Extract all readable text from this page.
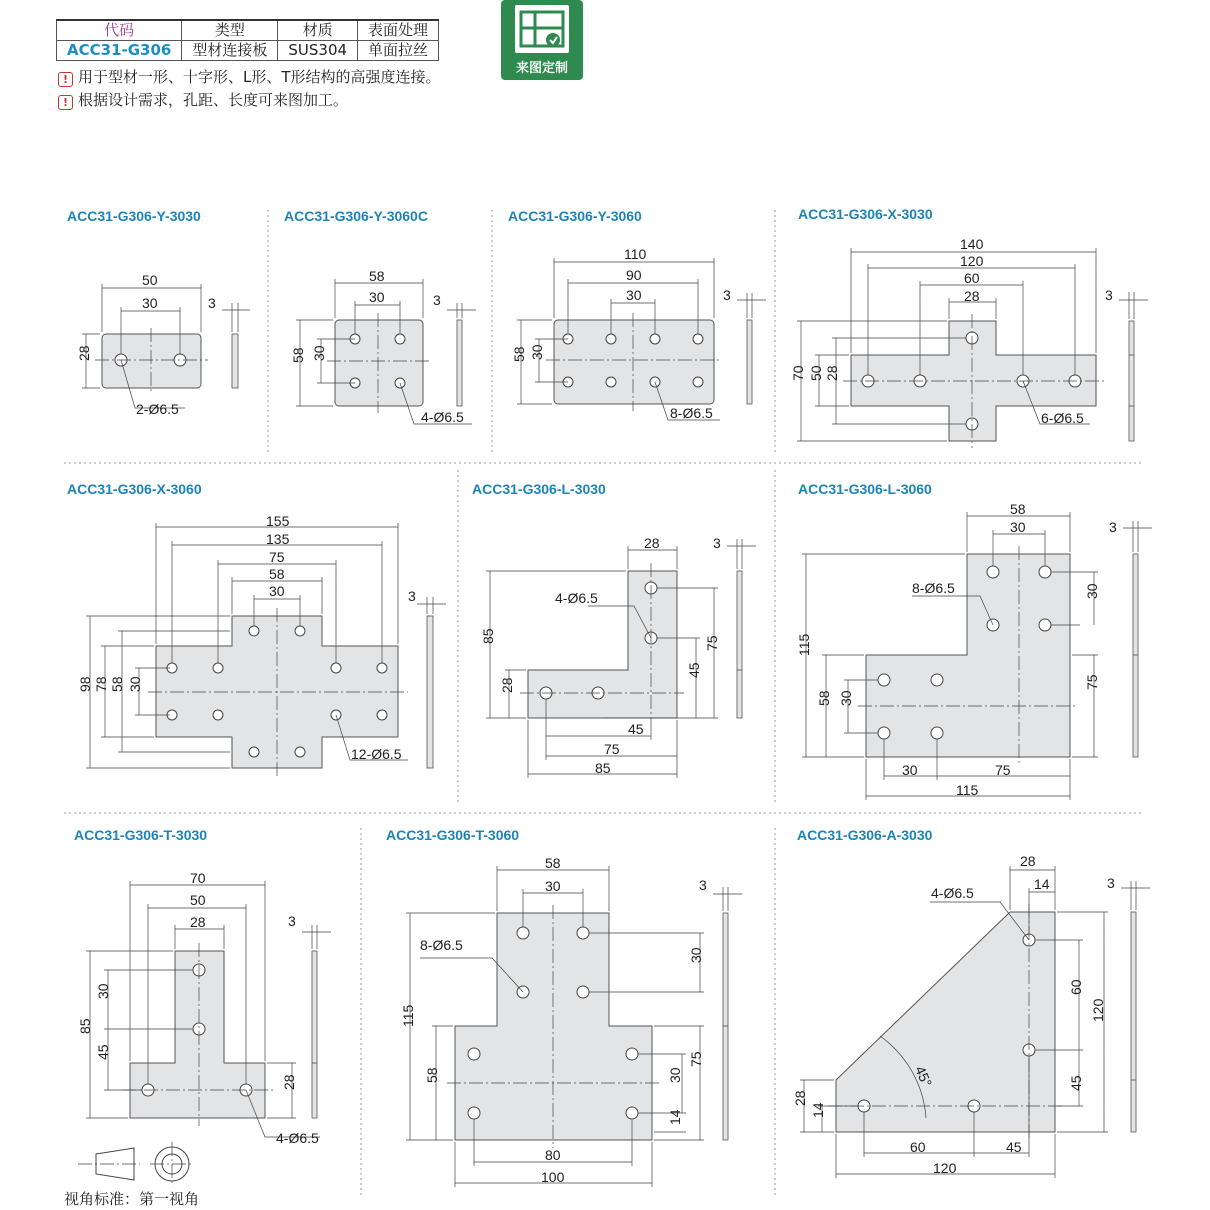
代码	类型	材质	表面处理
ACC31-G306	型材连接板	SUS304	单面拉丝
! 用于型材一形、十字形、L形、T形结构的高强度连接。
! 根据设计需求，孔距、长度可来图加工。
来图定制
ACC31-G306-Y-3030	ACC31-G306-Y-3060C	ACC31-G306-Y-3060	ACC31-G306-X-3030
ACC31-G306-X-3060	ACC31-G306-L-3030	ACC31-G306-L-3060
ACC31-G306-T-3030	ACC31-G306-T-3060	ACC31-G306-A-3030
50
30
28
2-Ø6.5
3
58
30
58 30
4-Ø6.5
3
110
90
30
58 30
8-Ø6.5
3
140
120
60
28
70 50 28
6-Ø6.5
3
155
135
75
58
30
98 78 58 30
12-Ø6.5
3
28
4-Ø6.5
85	75
45
28
45
75
85
3
58
30
8-Ø6.5
115
30
58 30
75
30	75
115
3
70
50
28
85
30
45
28
4-Ø6.5
3
58
30
8-Ø6.5
115
58
30
75
30
14
80
100
3
28
14
4-Ø6.5
60
120
45
45°
28
14
60	45
120
3
视角标准：第一视角
